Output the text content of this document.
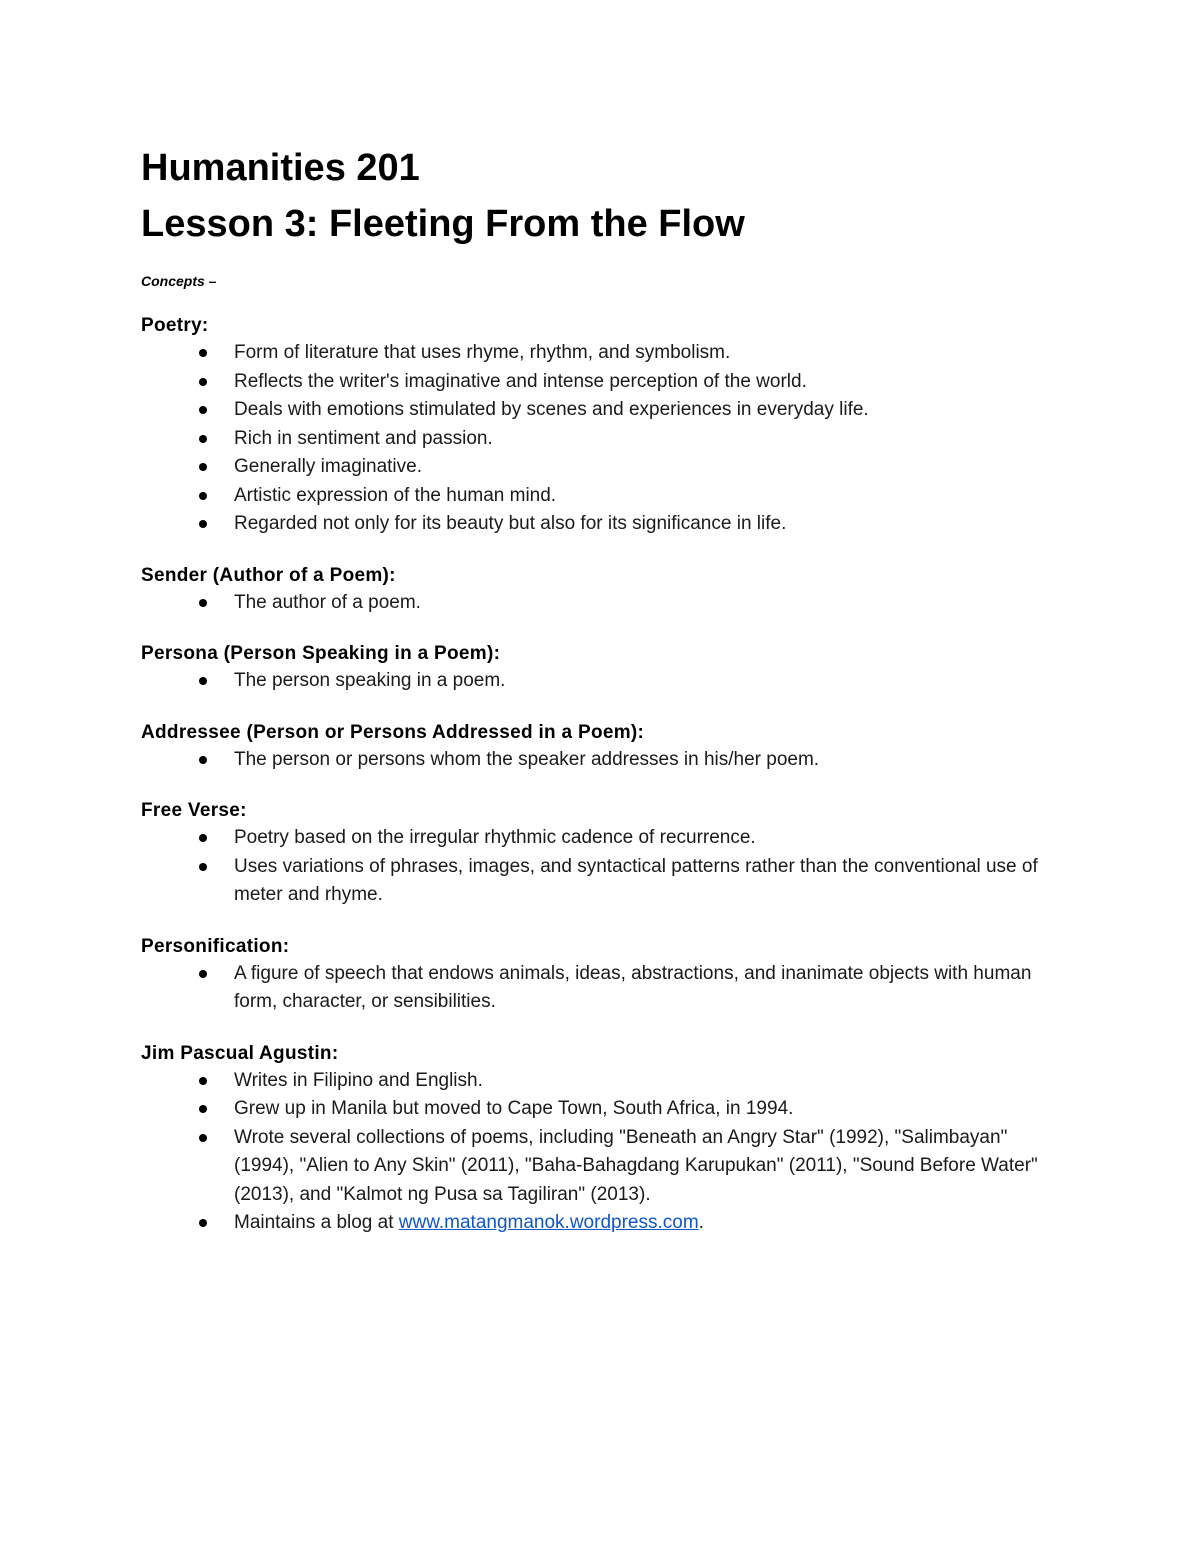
Humanities 201
Lesson 3: Fleeting From the Flow
Concepts –
Poetry:
Form of literature that uses rhyme, rhythm, and symbolism.
Reflects the writer's imaginative and intense perception of the world.
Deals with emotions stimulated by scenes and experiences in everyday life.
Rich in sentiment and passion.
Generally imaginative.
Artistic expression of the human mind.
Regarded not only for its beauty but also for its significance in life.
Sender (Author of a Poem):
The author of a poem.
Persona (Person Speaking in a Poem):
The person speaking in a poem.
Addressee (Person or Persons Addressed in a Poem):
The person or persons whom the speaker addresses in his/her poem.
Free Verse:
Poetry based on the irregular rhythmic cadence of recurrence.
Uses variations of phrases, images, and syntactical patterns rather than the conventional use of meter and rhyme.
Personification:
A figure of speech that endows animals, ideas, abstractions, and inanimate objects with human form, character, or sensibilities.
Jim Pascual Agustin:
Writes in Filipino and English.
Grew up in Manila but moved to Cape Town, South Africa, in 1994.
Wrote several collections of poems, including "Beneath an Angry Star" (1992), "Salimbayan" (1994), "Alien to Any Skin" (2011), "Baha-Bahagdang Karupukan" (2011), "Sound Before Water" (2013), and "Kalmot ng Pusa sa Tagiliran" (2013).
Maintains a blog at www.matangmanok.wordpress.com.
